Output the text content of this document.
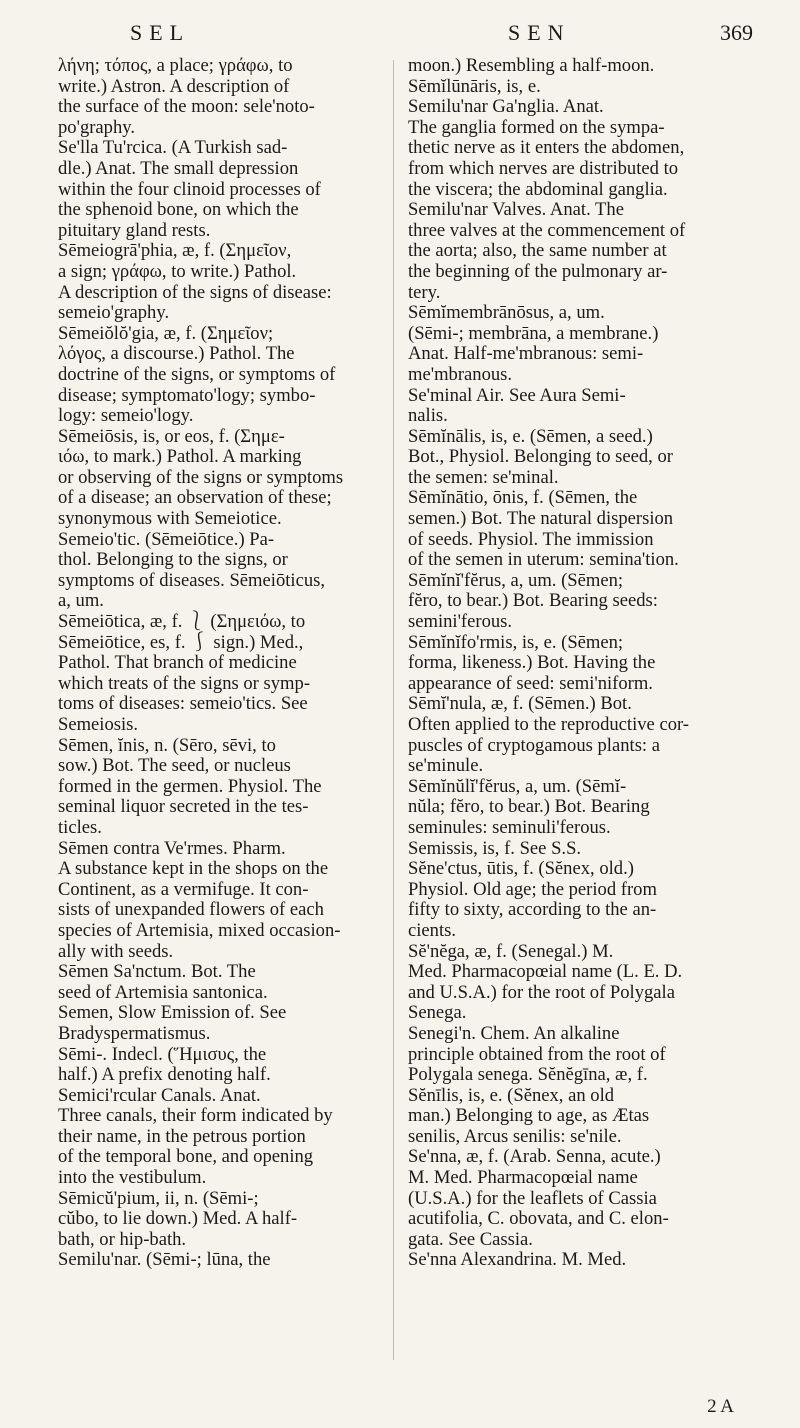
SEL	SEN	369
λήνη; τόπος, a place; γράφω, to
write.) Astron. A description of
the surface of the moon: sele'noto-
po'graphy.
Se'lla Tu'rcica. (A Turkish sad-
dle.) Anat. The small depression
within the four clinoid processes of
the sphenoid bone, on which the
pituitary gland rests.
Sēmeiogrā'phia, æ, f. (Σημεῖον,
a sign; γράφω, to write.) Pathol.
A description of the signs of disease:
semeio'graphy.
Sēmeiŏlŏ'gia, æ, f. (Σημεῖον;
λόγος, a discourse.) Pathol. The
doctrine of the signs, or symptoms of
disease; symptomato'logy; symbo-
logy: semeio'logy.
Sēmeiōsis, is, or eos, f. (Σημε-
ιόω, to mark.) Pathol. A marking
or observing of the signs or symptoms
of a disease; an observation of these;
synonymous with Semeiotice.
Semeio'tic. (Sēmeiōtice.) Pa-
thol. Belonging to the signs, or
symptoms of diseases. Sēmeiōticus,
a, um.
Sēmeiōtica, æ, f. ⎱ (Σημειόω, to
Sēmeiōtice, es, f. ⎰ sign.) Med.,
Pathol. That branch of medicine
which treats of the signs or symp-
toms of diseases: semeio'tics. See
Semeiosis.
Sēmen, ĭnis, n. (Sēro, sēvi, to
sow.) Bot. The seed, or nucleus
formed in the germen. Physiol. The
seminal liquor secreted in the tes-
ticles.
Sēmen contra Ve'rmes. Pharm.
A substance kept in the shops on the
Continent, as a vermifuge. It con-
sists of unexpanded flowers of each
species of Artemisia, mixed occasion-
ally with seeds.
Sēmen Sa'nctum. Bot. The
seed of Artemisia santonica.
Semen, Slow Emission of. See
Bradyspermatismus.
Sēmi-. Indecl. (Ἥμισυς, the
half.) A prefix denoting half.
Semici'rcular Canals. Anat.
Three canals, their form indicated by
their name, in the petrous portion
of the temporal bone, and opening
into the vestibulum.
Sēmicŭ'pium, ii, n. (Sēmi-;
cŭbo, to lie down.) Med. A half-
bath, or hip-bath.
Semilu'nar. (Sēmi-; lūna, the
moon.) Resembling a half-moon.
Sēmĭlūnāris, is, e.
Semilu'nar Ga'nglia. Anat.
The ganglia formed on the sympa-
thetic nerve as it enters the abdomen,
from which nerves are distributed to
the viscera; the abdominal ganglia.
Semilu'nar Valves. Anat. The
three valves at the commencement of
the aorta; also, the same number at
the beginning of the pulmonary ar-
tery.
Sēmĭmembrānōsus, a, um.
(Sēmi-; membrāna, a membrane.)
Anat. Half-me'mbranous: semi-
me'mbranous.
Se'minal Air. See Aura Semi-
nalis.
Sēmĭnālis, is, e. (Sēmen, a seed.)
Bot., Physiol. Belonging to seed, or
the semen: se'minal.
Sēmĭnātio, ōnis, f. (Sēmen, the
semen.) Bot. The natural dispersion
of seeds. Physiol. The immission
of the semen in uterum: semina'tion.
Sēmĭnĭ'fĕrus, a, um. (Sēmen;
fĕro, to bear.) Bot. Bearing seeds:
semini'ferous.
Sēmĭnĭfo'rmis, is, e. (Sēmen;
forma, likeness.) Bot. Having the
appearance of seed: semi'niform.
Sēmĭ'nula, æ, f. (Sēmen.) Bot.
Often applied to the reproductive cor-
puscles of cryptogamous plants: a
se'minule.
Sēmĭnŭlĭ'fĕrus, a, um. (Sēmĭ-
nŭla; fĕro, to bear.) Bot. Bearing
seminules: seminuli'ferous.
Semissis, is, f. See S.S.
Sĕne'ctus, ūtis, f. (Sĕnex, old.)
Physiol. Old age; the period from
fifty to sixty, according to the an-
cients.
Sĕ'nĕga, æ, f. (Senegal.) M.
Med. Pharmacopœial name (L. E. D.
and U.S.A.) for the root of Polygala
Senega.
Senegi'n. Chem. An alkaline
principle obtained from the root of
Polygala senega. Sĕnĕgīna, æ, f.
Sĕnīlis, is, e. (Sĕnex, an old
man.) Belonging to age, as Ætas
senilis, Arcus senilis: se'nile.
Se'nna, æ, f. (Arab. Senna, acute.)
M. Med. Pharmacopœial name
(U.S.A.) for the leaflets of Cassia
acutifolia, C. obovata, and C. elon-
gata. See Cassia.
Se'nna Alexandrina. M. Med.
2 A
